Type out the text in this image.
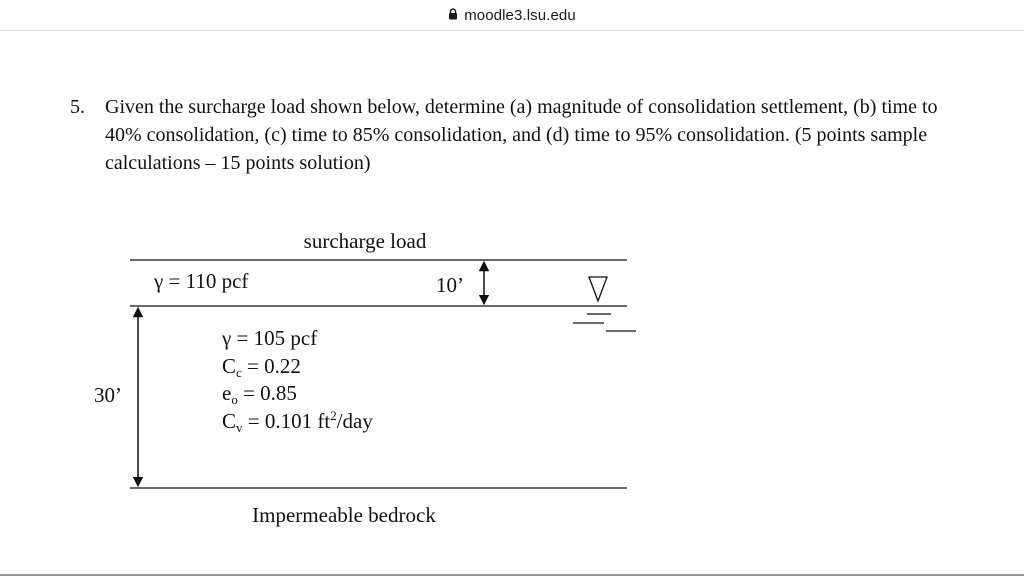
moodle3.lsu.edu
5. Given the surcharge load shown below, determine (a) magnitude of consolidation settlement, (b) time to 40% consolidation, (c) time to 85% consolidation, and (d) time to 95% consolidation. (5 points sample calculations – 15 points solution)
surcharge load
γ = 110 pcf	10’
γ = 105 pcf
Cc = 0.22
eo = 0.85
Cv = 0.101 $ft^2$/day
30’
Impermeable bedrock
